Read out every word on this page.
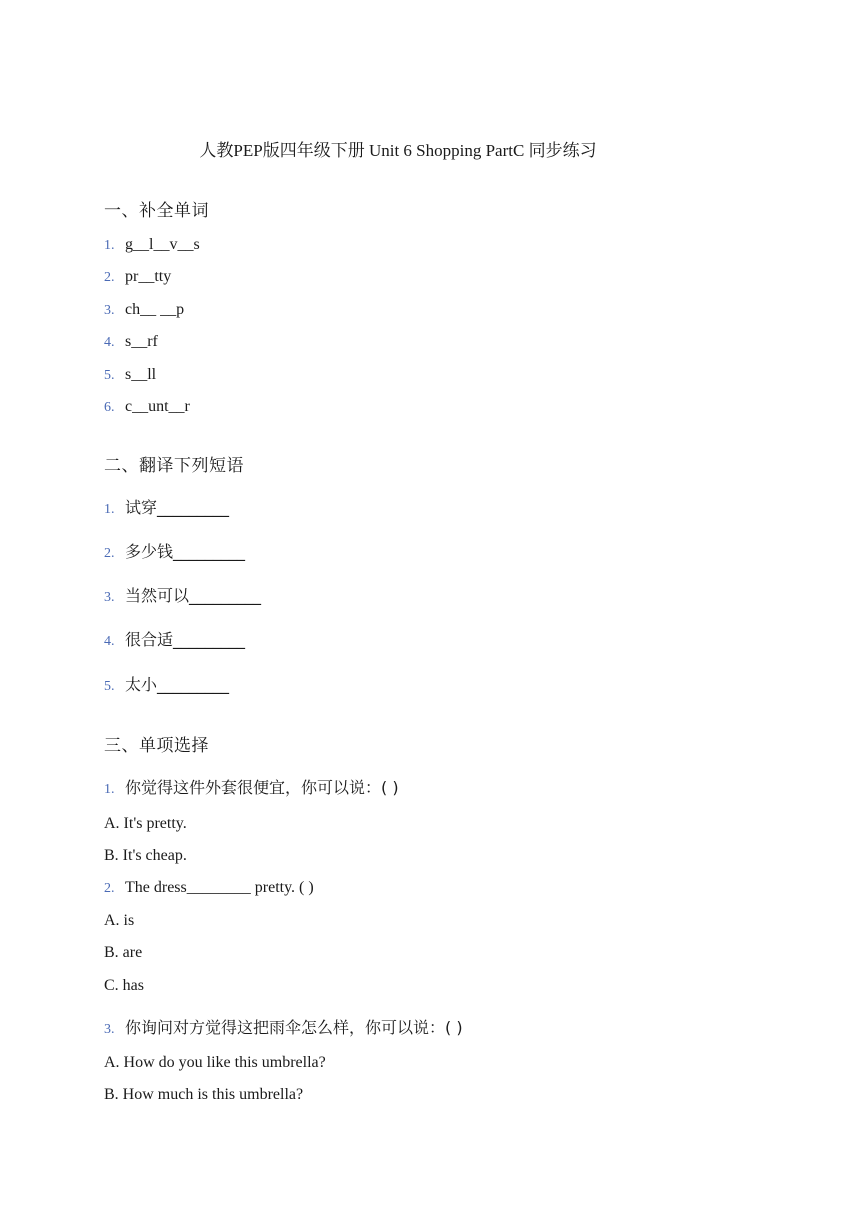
人教PEP版四年级下册 Unit 6 Shopping PartC 同步练习
一、补全单词
1. g__l__v__s
2. pr__tty
3. ch__ __p
4. s__rf
5. s__ll
6. c__unt__r
二、翻译下列短语
1. 试穿_________
2. 多少钱_________
3. 当然可以_________
4. 很合适_________
5. 太小_________
三、单项选择
1. 你觉得这件外套很便宜，你可以说：( )
A. It's pretty.
B. It's cheap.
2. The dress________ pretty. ( )
A. is
B. are
C. has
3. 你询问对方觉得这把雨伞怎么样，你可以说：( )
A. How do you like this umbrella?
B. How much is this umbrella?
